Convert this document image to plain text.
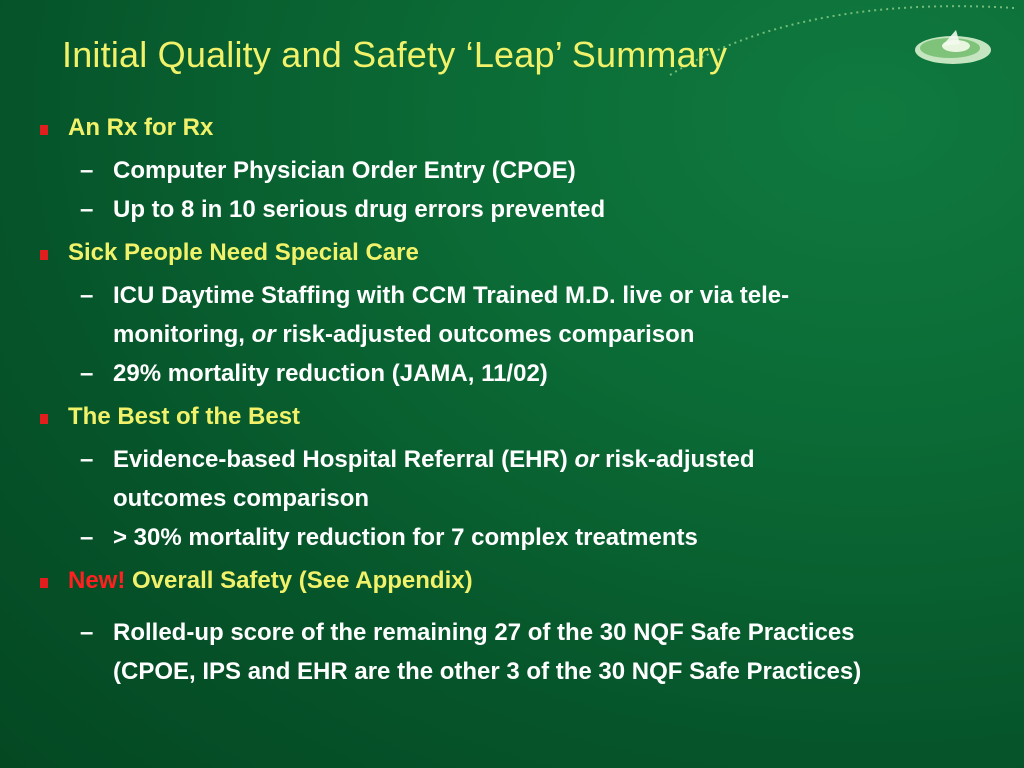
Initial Quality and Safety ‘Leap’ Summary
An Rx for Rx
– Computer Physician Order Entry (CPOE)
– Up to 8 in 10 serious drug errors prevented
Sick People Need Special Care
– ICU Daytime Staffing with CCM Trained M.D. live or via tele-
monitoring, or risk-adjusted outcomes comparison
– 29% mortality reduction (JAMA, 11/02)
The Best of the Best
– Evidence-based Hospital Referral (EHR) or risk-adjusted
outcomes comparison
– > 30% mortality reduction for 7 complex treatments
New! Overall Safety (See Appendix)
– Rolled-up score of the remaining 27 of the 30 NQF Safe Practices
(CPOE, IPS and EHR are the other 3 of the 30 NQF Safe Practices)
